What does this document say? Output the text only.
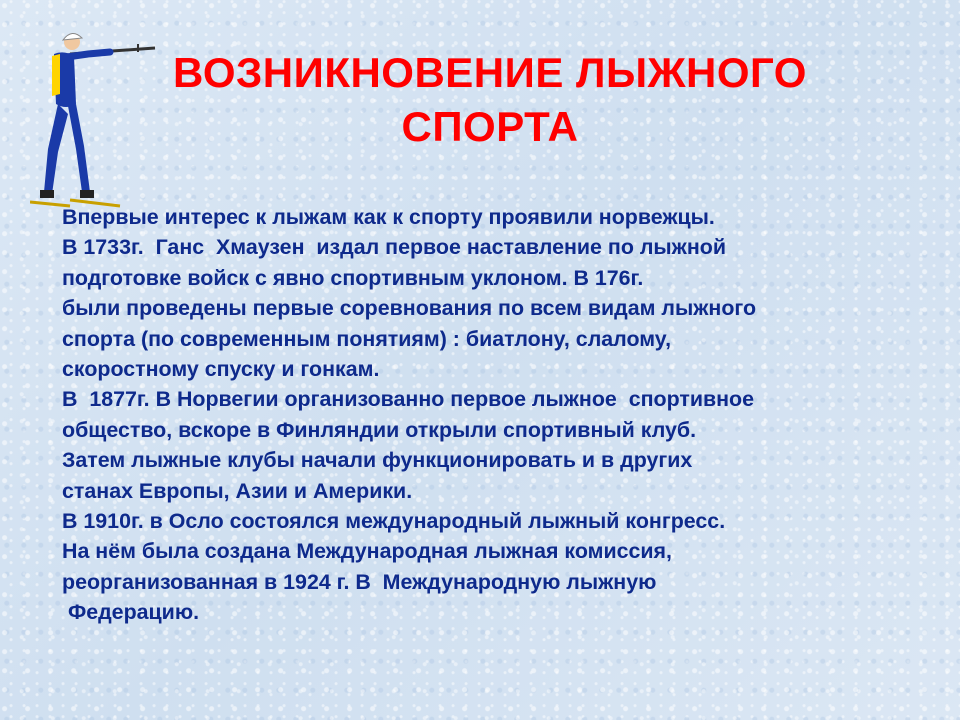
ВОЗНИКНОВЕНИЕ ЛЫЖНОГО
СПОРТА
Впервые интерес к лыжам как к спорту проявили норвежцы.
В 1733г.  Ганс  Хмаузен  издал первое наставление по лыжной
подготовке войск с явно спортивным уклоном. В 176г.
были проведены первые соревнования по всем видам лыжного
спорта (по современным понятиям) : биатлону, слалому,
скоростному спуску и гонкам.
В  1877г. В Норвегии организованно первое лыжное  спортивное
общество, вскоре в Финляндии открыли спортивный клуб.
Затем лыжные клубы начали функционировать и в других
станах Европы, Азии и Америки.
В 1910г. в Осло состоялся международный лыжный конгресс.
На нём была создана Международная лыжная комиссия,
реорганизованная в 1924 г. В  Международную лыжную
Федерацию.
